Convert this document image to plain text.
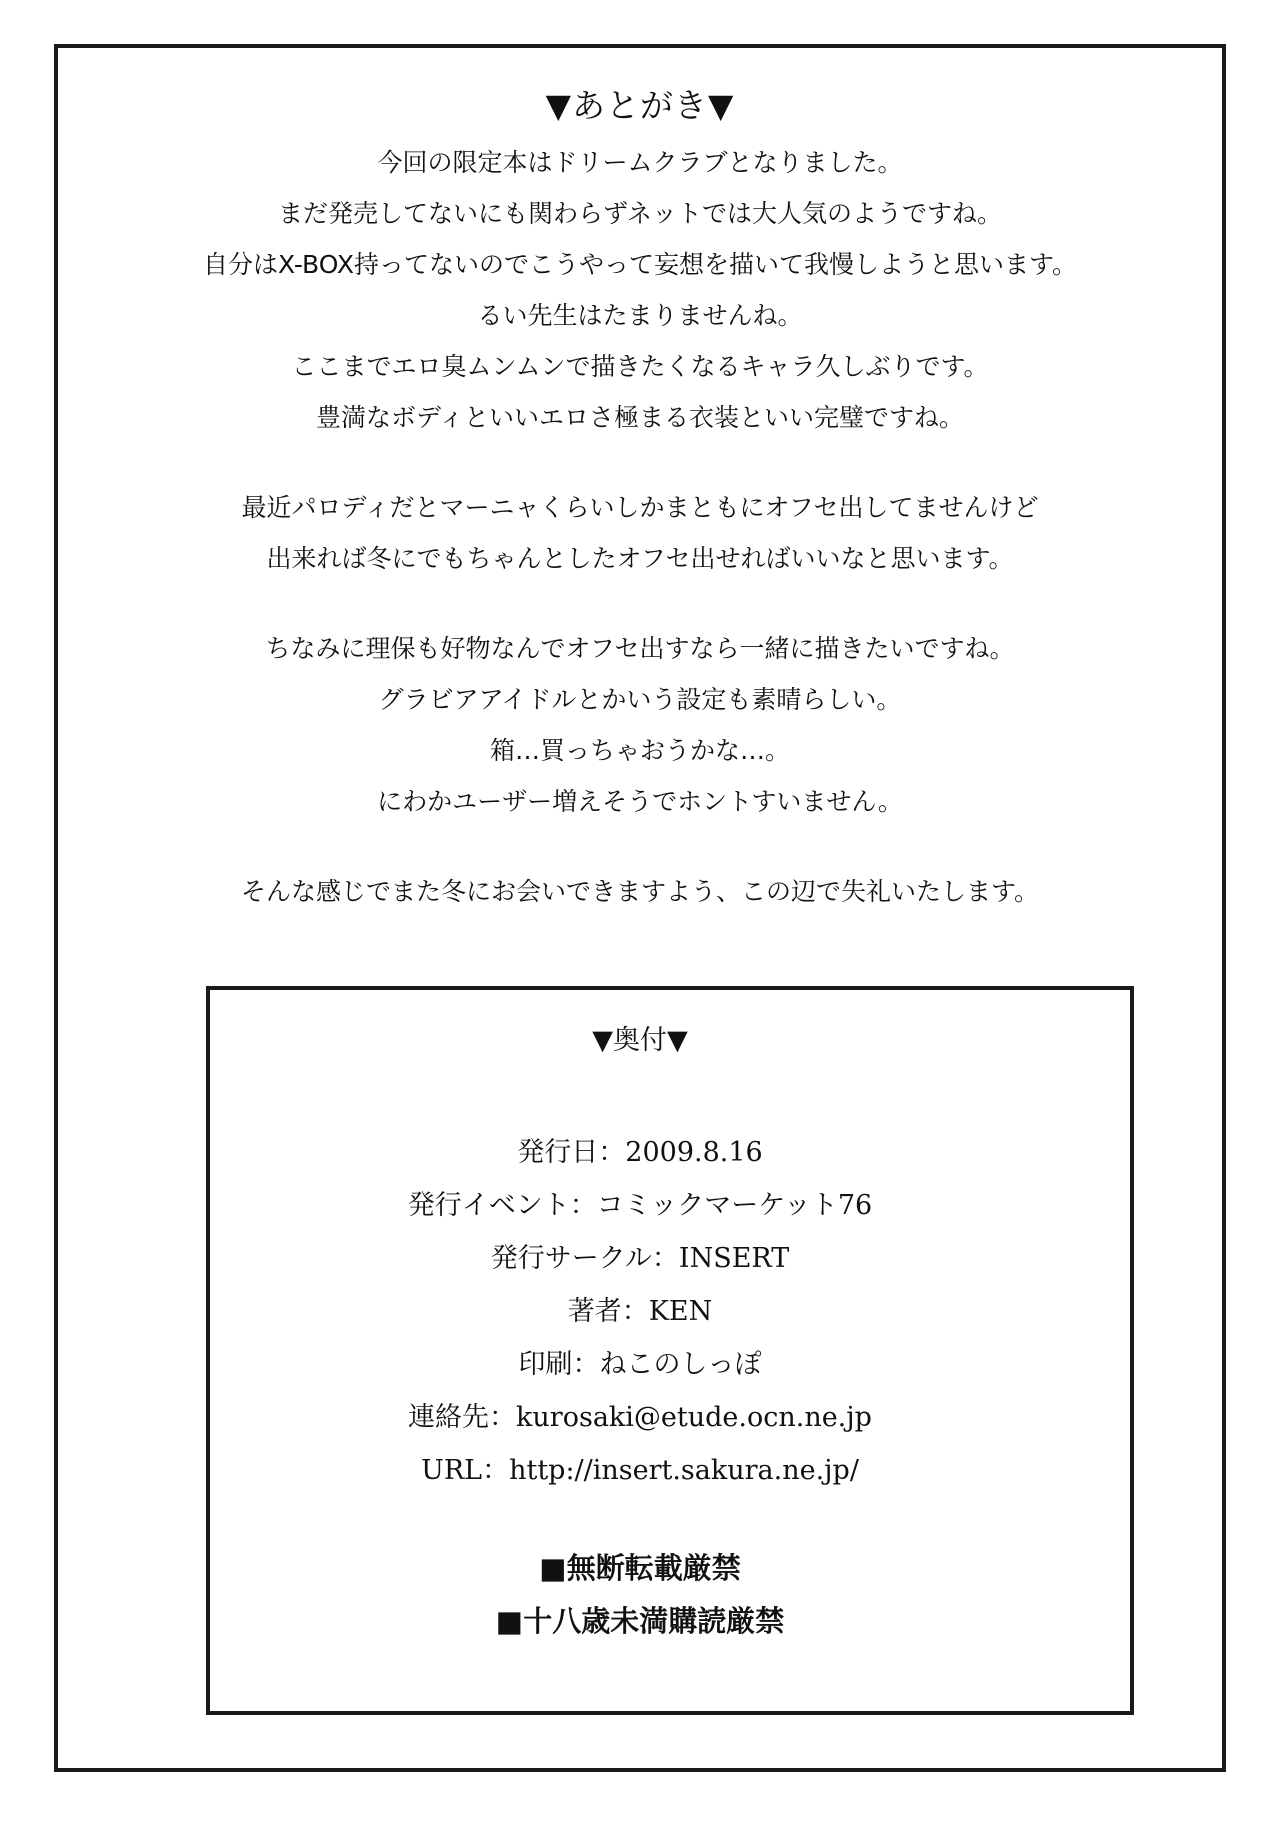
▼あとがき▼
今回の限定本はドリームクラブとなりました。
まだ発売してないにも関わらずネットでは大人気のようですね。
自分はX-BOX持ってないのでこうやって妄想を描いて我慢しようと思います。
るい先生はたまりませんね。
ここまでエロ臭ムンムンで描きたくなるキャラ久しぶりです。
豊満なボディといいエロさ極まる衣装といい完璧ですね。
最近パロディだとマーニャくらいしかまともにオフセ出してませんけど
出来れば冬にでもちゃんとしたオフセ出せればいいなと思います。
ちなみに理保も好物なんでオフセ出すなら一緒に描きたいですね。
グラビアアイドルとかいう設定も素晴らしい。
箱…買っちゃおうかな…。
にわかユーザー増えそうでホントすいません。
そんな感じでまた冬にお会いできますよう、この辺で失礼いたします。
▼奥付▼
発行日：2009.8.16
発行イベント：コミックマーケット76
発行サークル：INSERT
著者：KEN
印刷：ねこのしっぽ
連絡先：kurosaki@etude.ocn.ne.jp
URL：http://insert.sakura.ne.jp/
■無断転載厳禁
■十八歳未満購読厳禁
